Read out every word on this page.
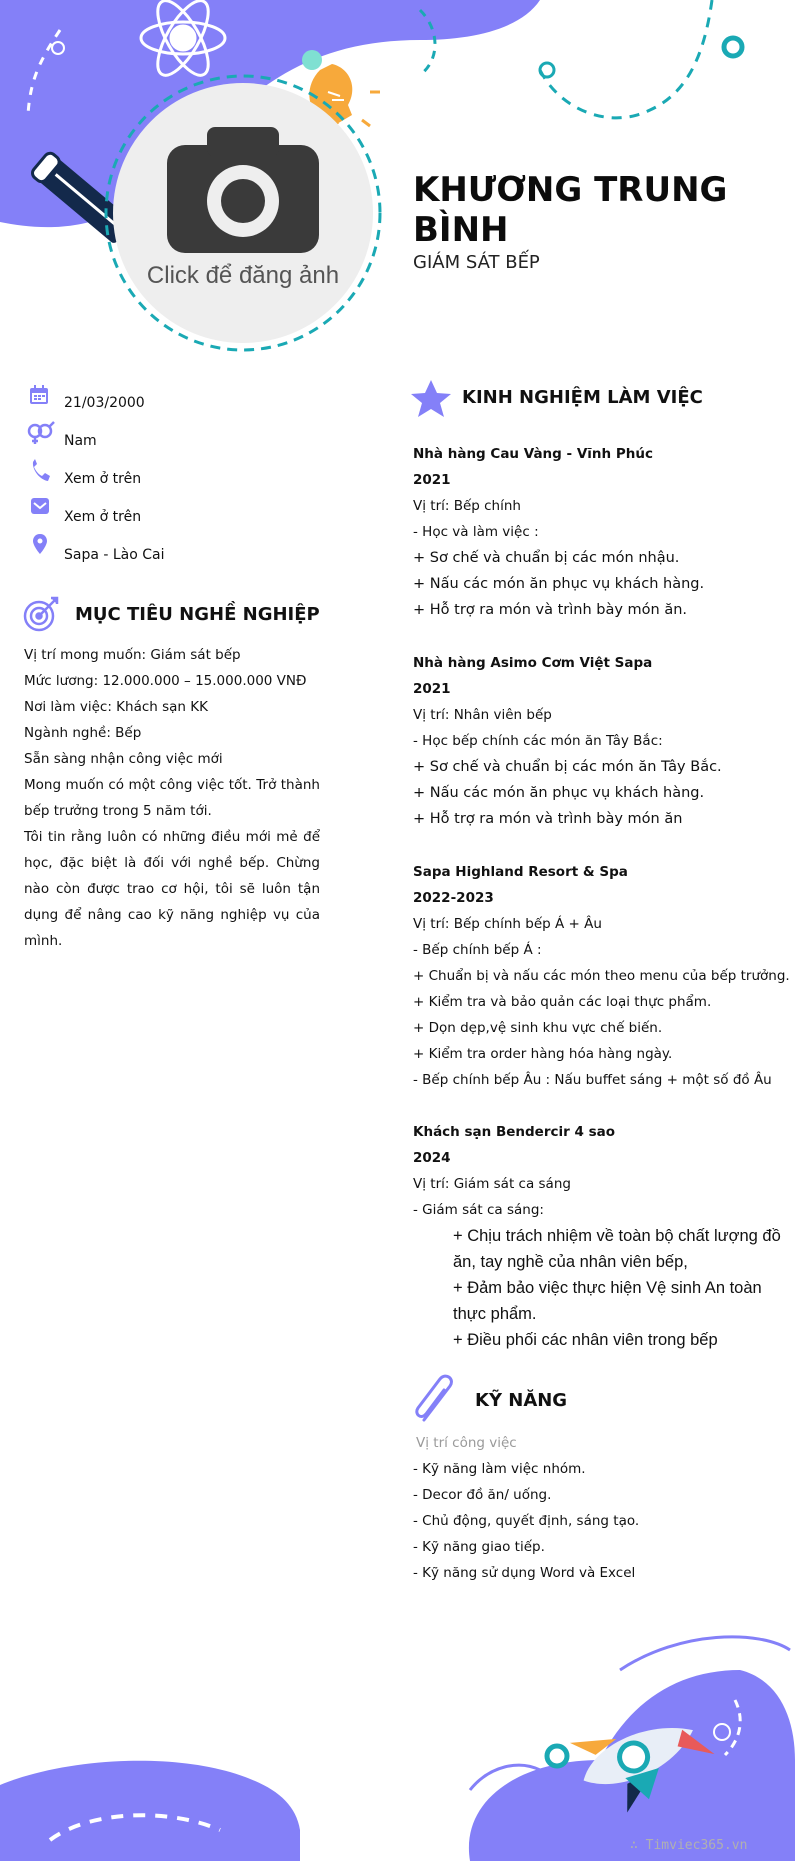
Click để đăng ảnh
KHƯƠNG TRUNG BÌNH
GIÁM SÁT BẾP
21/03/2000
Nam
Xem ở trên
Xem ở trên
Sapa - Lào Cai
MỤC TIÊU NGHỀ NGHIỆP

Vị trí mong muốn: Giám sát bếp

Mức lương: 12.000.000 – 15.000.000 VNĐ

Nơi làm việc: Khách sạn KK

Ngành nghề: Bếp

Sẵn sàng nhận công việc mới

Mong muốn có một công việc tốt. Trở thành bếp trưởng trong 5 năm tới.

Tôi tin rằng luôn có những điều mới mẻ để học, đặc biệt là đối với nghề bếp. Chừng nào còn được trao cơ hội, tôi sẽ luôn tận dụng để nâng cao kỹ năng nghiệp vụ của mình.

KINH NGHIỆM LÀM VIỆC
Nhà hàng Cau Vàng - Vĩnh Phúc
2021
Vị trí: Bếp chính
- Học và làm việc :
+ Sơ chế và chuẩn bị các món nhậu.
+ Nấu các món ăn phục vụ khách hàng.
+ Hỗ trợ ra món và trình bày món ăn.
Nhà hàng Asimo Cơm Việt Sapa
2021
Vị trí: Nhân viên bếp
- Học bếp chính các món ăn Tây Bắc:
+ Sơ chế và chuẩn bị các món ăn Tây Bắc.
+ Nấu các món ăn phục vụ khách hàng.
+ Hỗ trợ ra món và trình bày món ăn
Sapa Highland Resort & Spa
2022-2023
Vị trí: Bếp chính bếp Á + Âu
- Bếp chính bếp Á :
+ Chuẩn bị và nấu các món theo menu của bếp trưởng.
+ Kiểm tra và bảo quản các loại thực phẩm.
+ Dọn dẹp,vệ sinh khu vực chế biến.
+ Kiểm tra order hàng hóa hàng ngày.
- Bếp chính bếp Âu : Nấu buffet sáng + một số đồ Âu
Khách sạn Bendercir 4 sao
2024
Vị trí: Giám sát ca sáng
- Giám sát ca sáng:
+ Chịu trách nhiệm về toàn bộ chất lượng đồ ăn, tay nghề của nhân viên bếp,
+ Đảm bảo việc thực hiện Vệ sinh An toàn thực phẩm.
+ Điều phối các nhân viên trong bếp
KỸ NĂNG
Vị trí công việc
- Kỹ năng làm việc nhóm.
- Decor đồ ăn/ uống.
- Chủ động, quyết định, sáng tạo.
- Kỹ năng giao tiếp.
- Kỹ năng sử dụng Word và Excel
∴ Timviec365.vn
